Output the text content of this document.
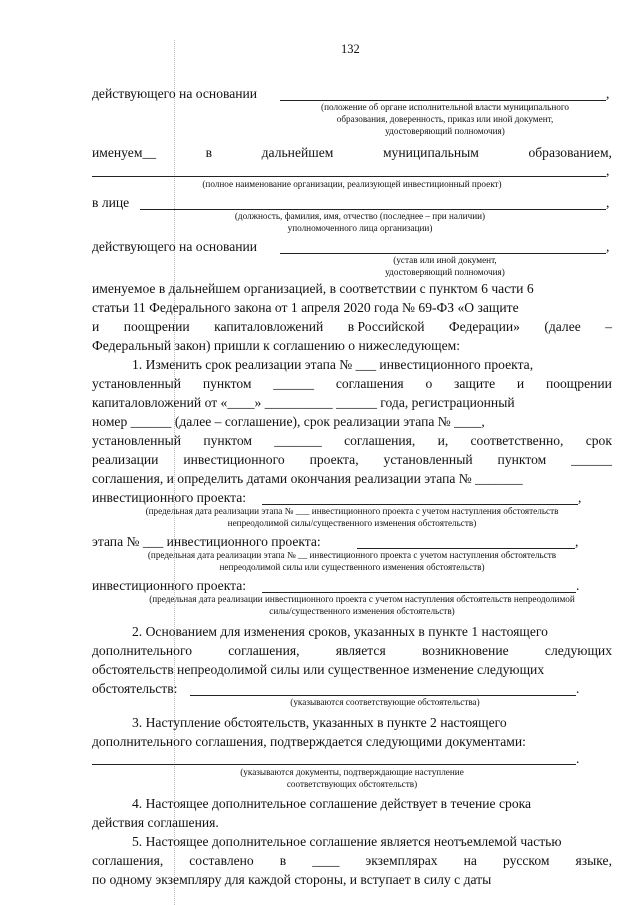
132
действующего на основании	,
(положение об органе исполнительной власти муниципального
образования, доверенность, приказ или иной документ,
удостоверяющий полномочия)
именуем__	в	дальнейшем	муниципальным	образованием,
,
(полное наименование организации, реализующей инвестиционный проект)
в лице	,
(должность, фамилия, имя, отчество (последнее – при наличии)
уполномоченного лица организации)
действующего на основании	,
(устав или иной документ,
удостоверяющий полномочия)
именуемое в дальнейшем организацией, в соответствии с пунктом 6 части 6
статьи 11 Федерального закона от 1 апреля 2020 года № 69-ФЗ «О защите
и поощрении капиталовложений в Российской Федерации» (далее –
Федеральный закон) пришли к соглашению о нижеследующем:
1. Изменить срок реализации этапа № ___ инвестиционного проекта,
установленный пунктом ______ соглашения о защите и поощрении
капиталовложений от «____» __________ ______ года, регистрационный
номер ______ (далее – соглашение), срок реализации этапа № ____,
установленный пунктом _______ соглашения, и, соответственно, срок
реализации инвестиционного проекта, установленный пунктом ______
соглашения, и определить датами окончания реализации этапа № _______
инвестиционного проекта:	,
(предельная дата реализации этапа № ___ инвестиционного проекта с учетом наступления обстоятельств
непреодолимой силы/существенного изменения обстоятельств)
этапа № ___ инвестиционного проекта:	,
(предельная дата реализации этапа № __ инвестиционного проекта с учетом наступления обстоятельств
непреодолимой силы или существенного изменения обстоятельств)
инвестиционного проекта:	.
(предельная дата реализации инвестиционного проекта с учетом наступления обстоятельств непреодолимой
силы/существенного изменения обстоятельств)
2. Основанием для изменения сроков, указанных в пункте 1 настоящего
дополнительного	соглашения,	является	возникновение	следующих
обстоятельств непреодолимой силы или существенное изменение следующих
обстоятельств:	.
(указываются соответствующие обстоятельства)
3. Наступление обстоятельств, указанных в пункте 2 настоящего
дополнительного соглашения, подтверждается следующими документами:
.
(указываются документы, подтверждающие наступление
соответствующих обстоятельств)
4. Настоящее дополнительное соглашение действует в течение срока
действия соглашения.
5. Настоящее дополнительное соглашение является неотъемлемой частью
соглашения, составлено в ____ экземплярах на русском языке,
по одному экземпляру для каждой стороны, и вступает в силу с даты
